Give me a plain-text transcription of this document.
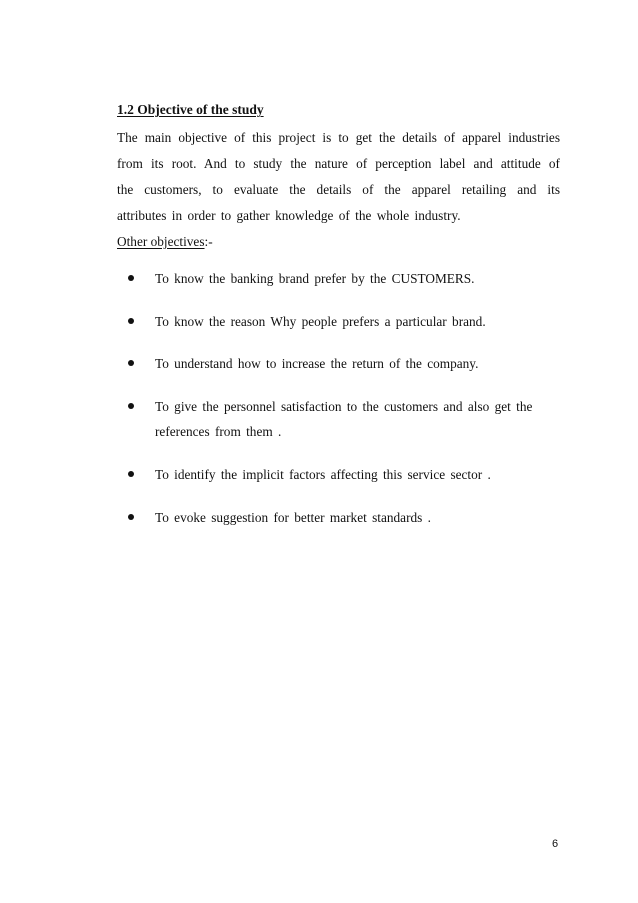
1.2 Objective of the study

The main objective of this project is to get the details of apparel industries

from its root. And to study the nature of perception label and attitude of

the customers, to evaluate the details of the apparel retailing and its

attributes in order to gather knowledge of the whole industry.

Other objectives:-
To know the banking brand prefer by the CUSTOMERS.
To know the reason Why people prefers a particular brand.
To understand how to increase the return of the company.
To give the personnel satisfaction to the customers and also get the references from them .
To identify the implicit factors affecting this service sector .
To evoke suggestion for better market standards .
6
